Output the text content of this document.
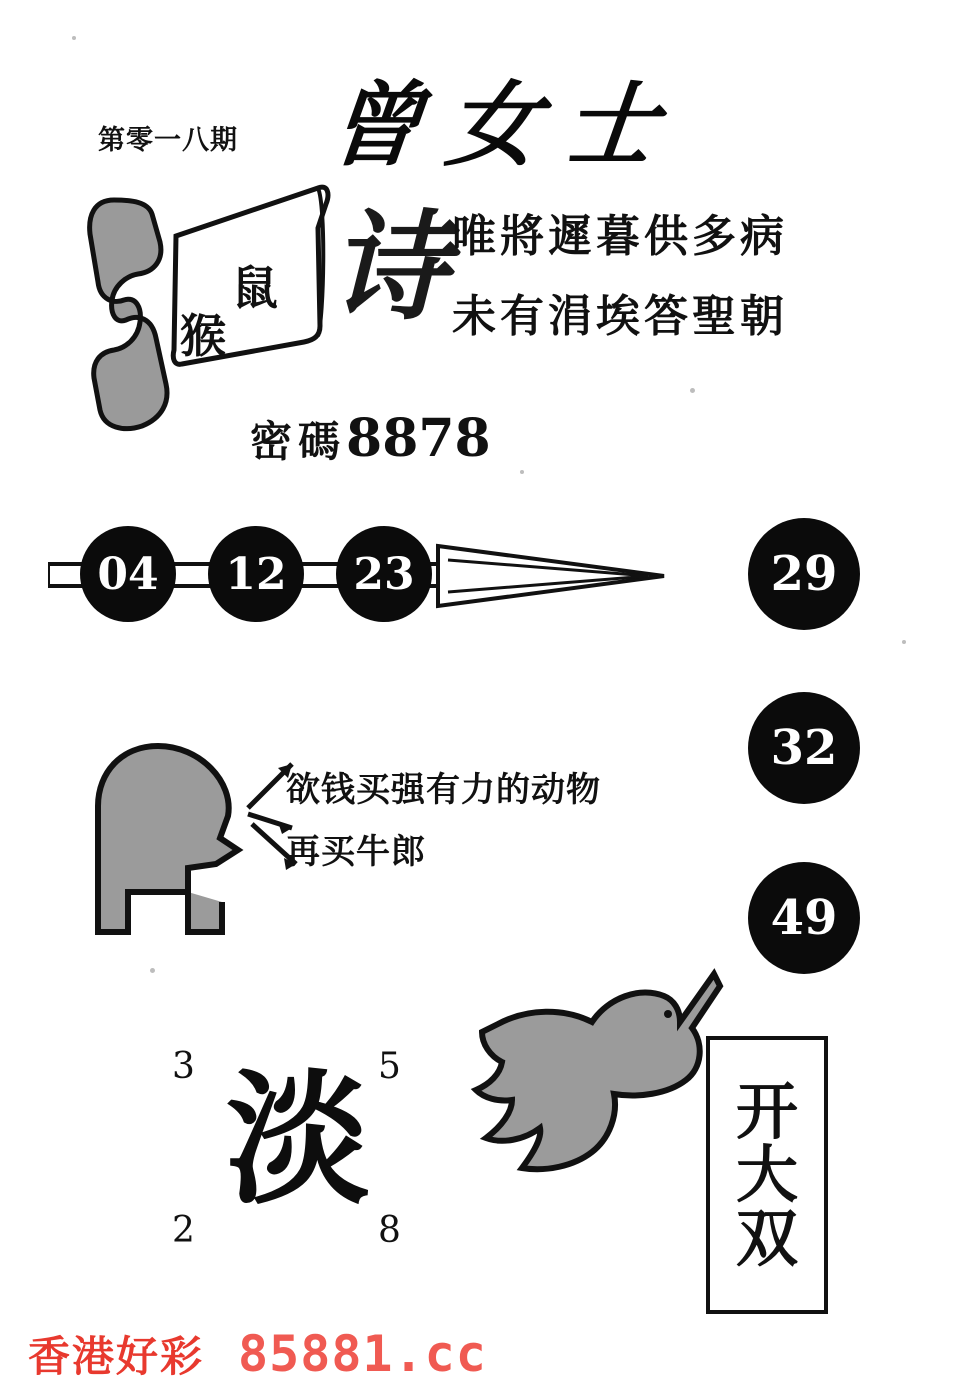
第零一八期 曾女士
鼠
猴 诗 唯將遲暮供多病
未有涓埃答聖朝
密碼 8878
04	12	23	29
32
49
欲钱买强有力的动物
再买牛郎
3	5
2	8
淡	开
大
双
香港好彩 85881.cc
